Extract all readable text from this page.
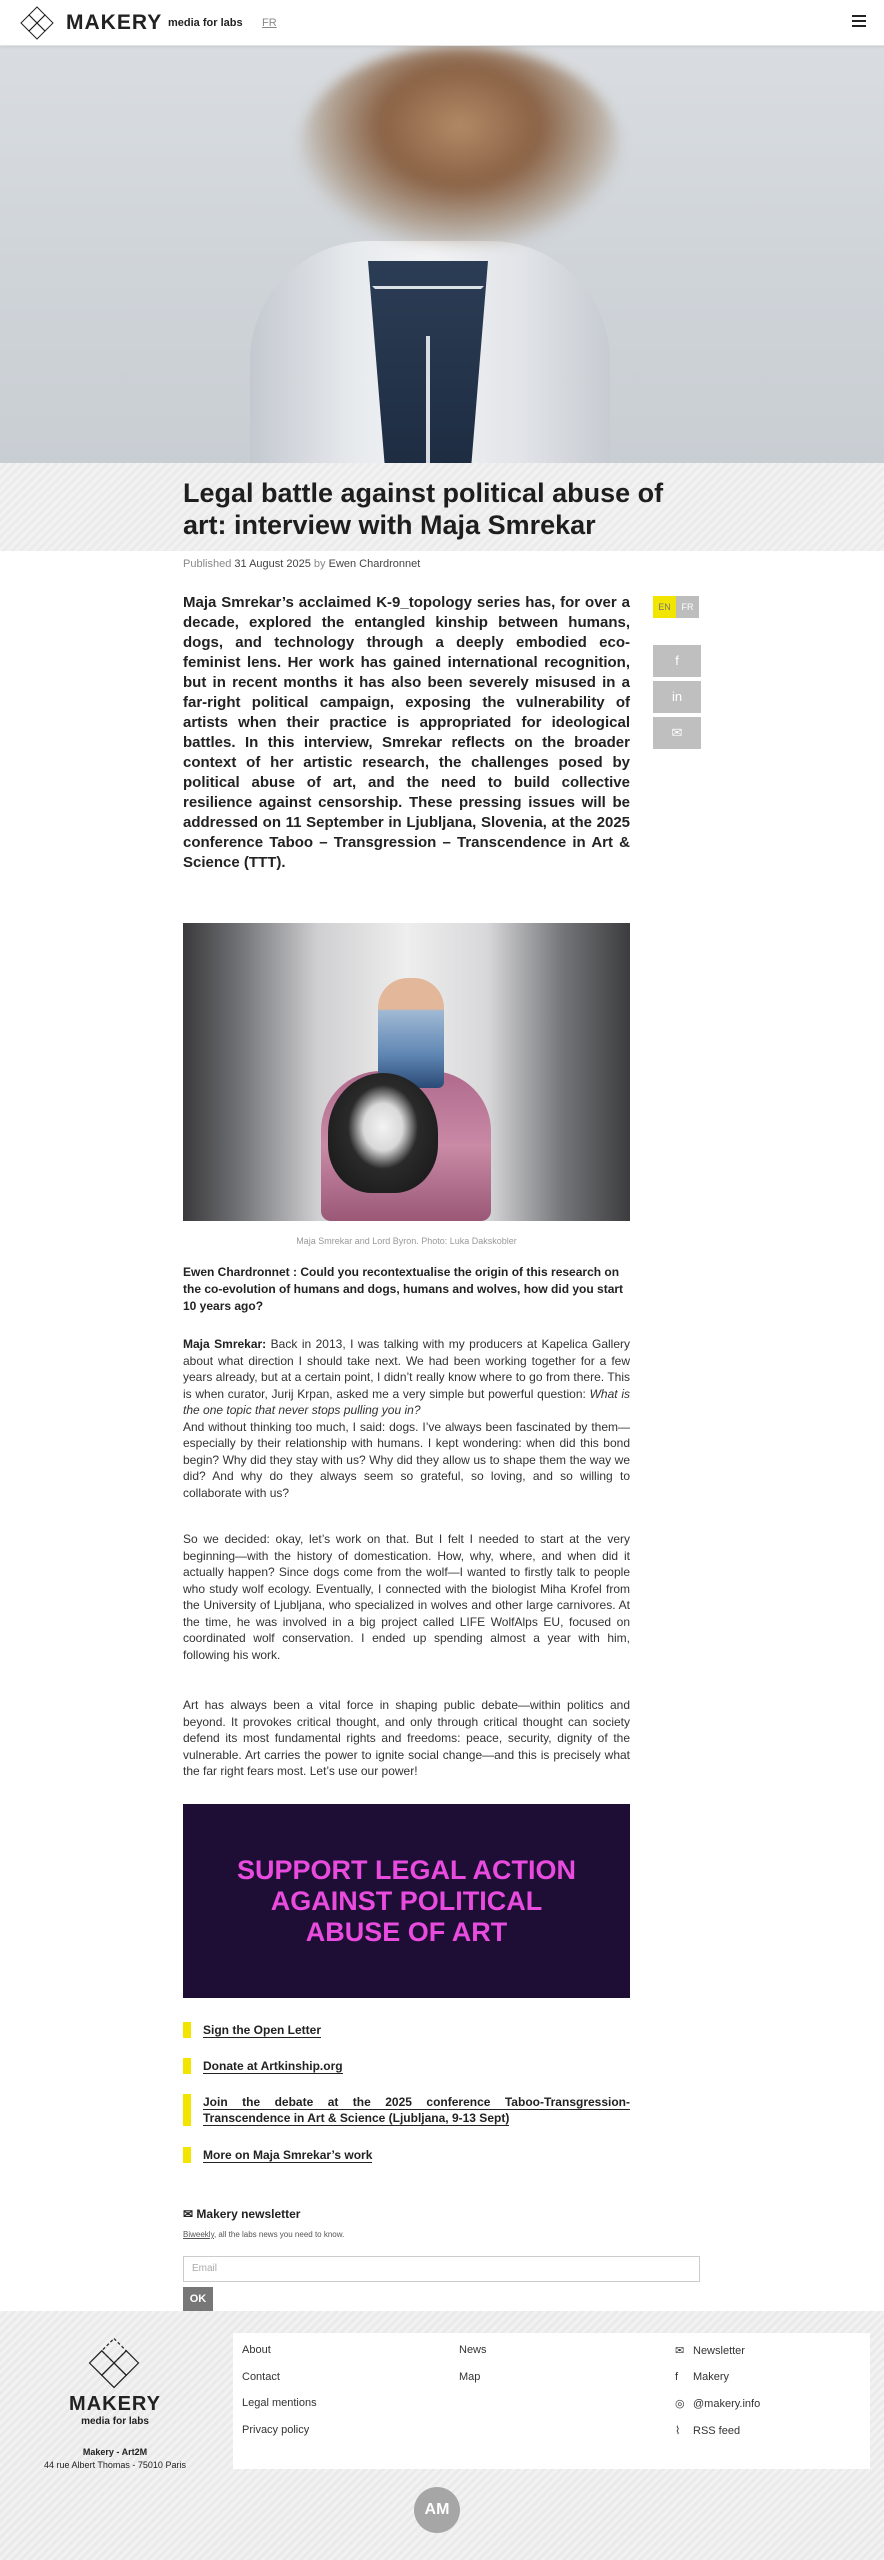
MAKERY media for labs FR
Legal battle against political abuse of art: interview with Maja Smrekar
Published 31 August 2025 by Ewen Chardronnet
EN	FR
f
in
✉

Maja Smrekar’s acclaimed K-9_topology series has, for over a decade, explored the entangled kinship between humans, dogs, and technology through a deeply embodied eco-feminist lens. Her work has gained international recognition, but in recent months it has also been severely misused in a far-right political campaign, exposing the vulnerability of artists when their practice is appropriated for ideological battles. In this interview, Smrekar reflects on the broader context of her artistic research, the challenges posed by political abuse of art, and the need to build collective resilience against censorship. These pressing issues will be addressed on 11 September in Ljubljana, Slovenia, at the 2025 conference Taboo – Transgression – Transcendence in Art & Science (TTT).

Maja Smrekar and Lord Byron. Photo: Luka Dakskobler

Ewen Chardronnet : Could you recontextualise the origin of this research on the co-evolution of humans and dogs, humans and wolves, how did you start 10 years ago?

Maja Smrekar: Back in 2013, I was talking with my producers at Kapelica Gallery about what direction I should take next. We had been working together for a few years already, but at a certain point, I didn’t really know where to go from there. This is when curator, Jurij Krpan, asked me a very simple but powerful question: What is the one topic that never stops pulling you in?
And without thinking too much, I said: dogs. I’ve always been fascinated by them—especially by their relationship with humans. I kept wondering: when did this bond begin? Why did they stay with us? Why did they allow us to shape them the way we did? And why do they always seem so grateful, so loving, and so willing to collaborate with us?

So we decided: okay, let’s work on that. But I felt I needed to start at the very beginning—with the history of domestication. How, why, where, and when did it actually happen? Since dogs come from the wolf—I wanted to firstly talk to people who study wolf ecology. Eventually, I connected with the biologist Miha Krofel from the University of Ljubljana, who specialized in wolves and other large carnivores. At the time, he was involved in a big project called LIFE WolfAlps EU, focused on coordinated wolf conservation. I ended up spending almost a year with him, following his work.

Art has always been a vital force in shaping public debate—within politics and beyond. It provokes critical thought, and only through critical thought can society defend its most fundamental rights and freedoms: peace, security, dignity of the vulnerable. Art carries the power to ignite social change—and this is precisely what the far right fears most. Let’s use our power!

SUPPORT LEGAL ACTION AGAINST POLITICAL ABUSE OF ART
Sign the Open Letter
Donate at Artkinship.org
Join the debate at the 2025 conference Taboo-Transgression-Transcendence in Art & Science (Ljubljana, 9-13 Sept)
More on Maja Smrekar’s work
✉ Makery newsletter
Biweekly, all the labs news you need to know.
Email
OK
MAKERY
media for labs
Makery - Art2M
44 rue Albert Thomas - 75010 Paris
About
Contact
Legal mentions
Privacy policy
News
Map
✉ Newsletter
f Makery
◎ @makery.info
⌇ RSS feed
AM
